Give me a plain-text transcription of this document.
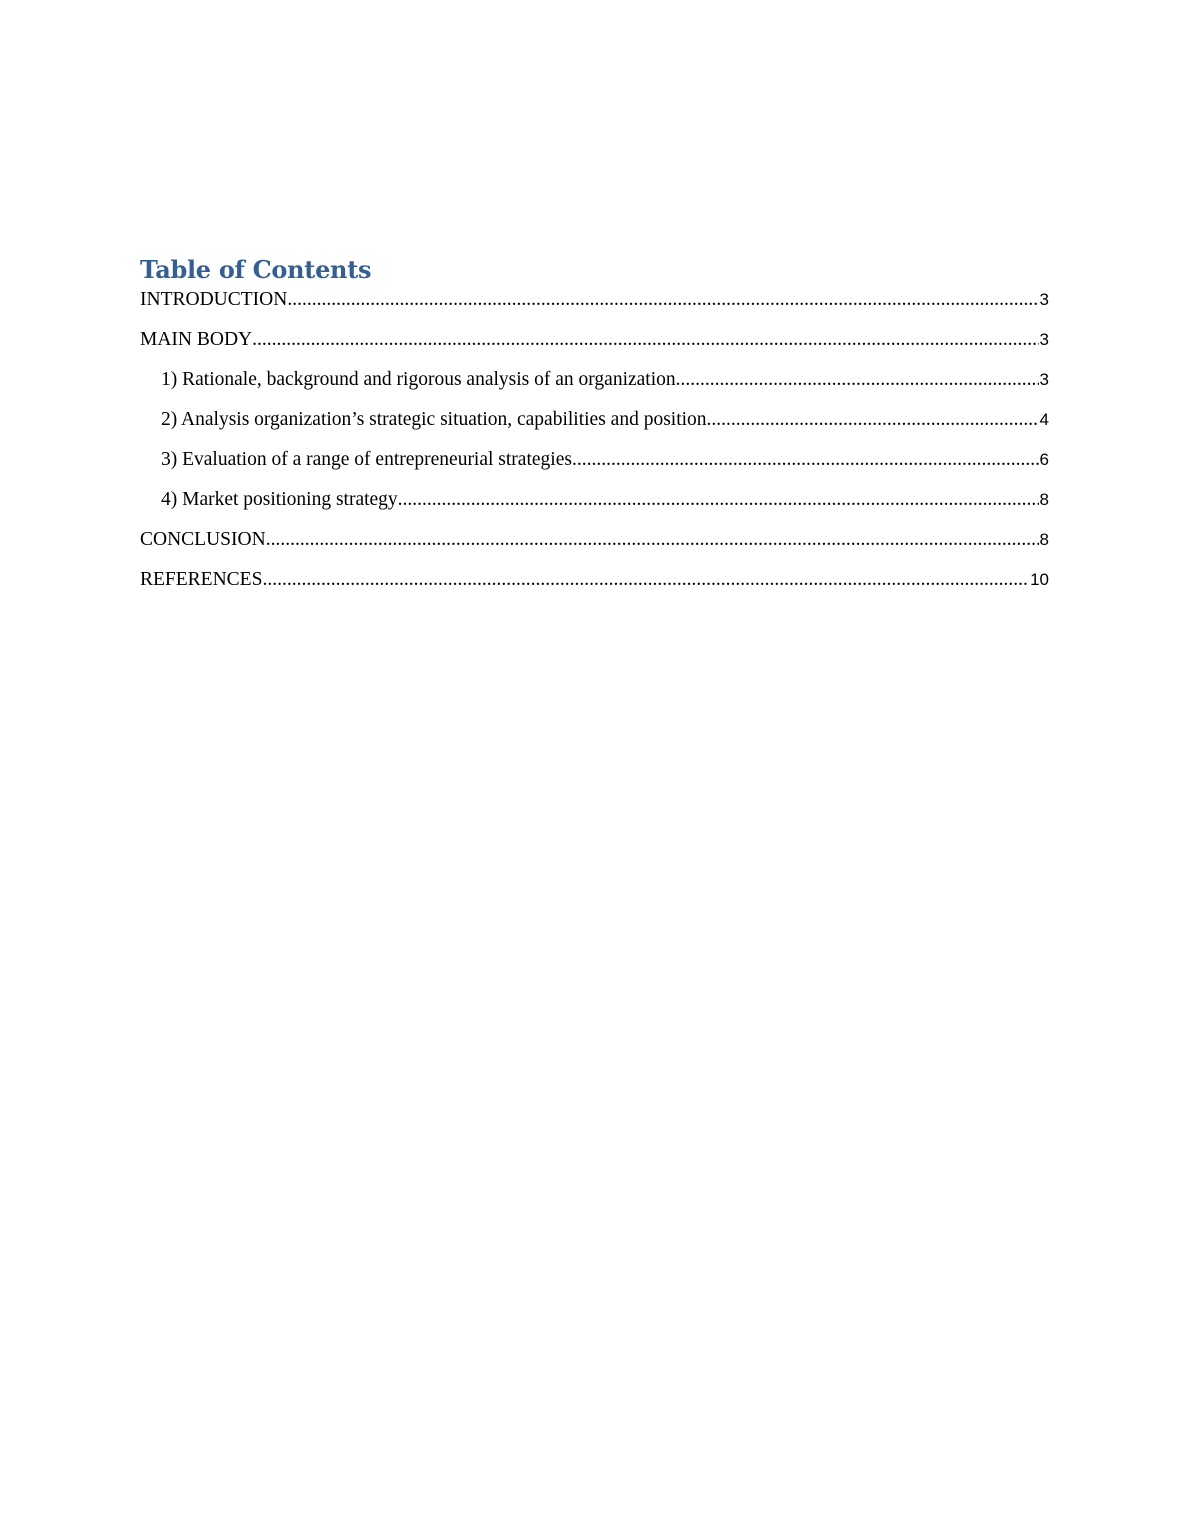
Table of Contents
INTRODUCTION .....	3
MAIN BODY .....	3
1) Rationale, background and rigorous analysis of an organization .....	3
2) Analysis organization’s strategic situation, capabilities and position .....	4
3) Evaluation of a range of entrepreneurial strategies .....	6
4) Market positioning strategy .....	8
CONCLUSION .....	8
REFERENCES .....	10
